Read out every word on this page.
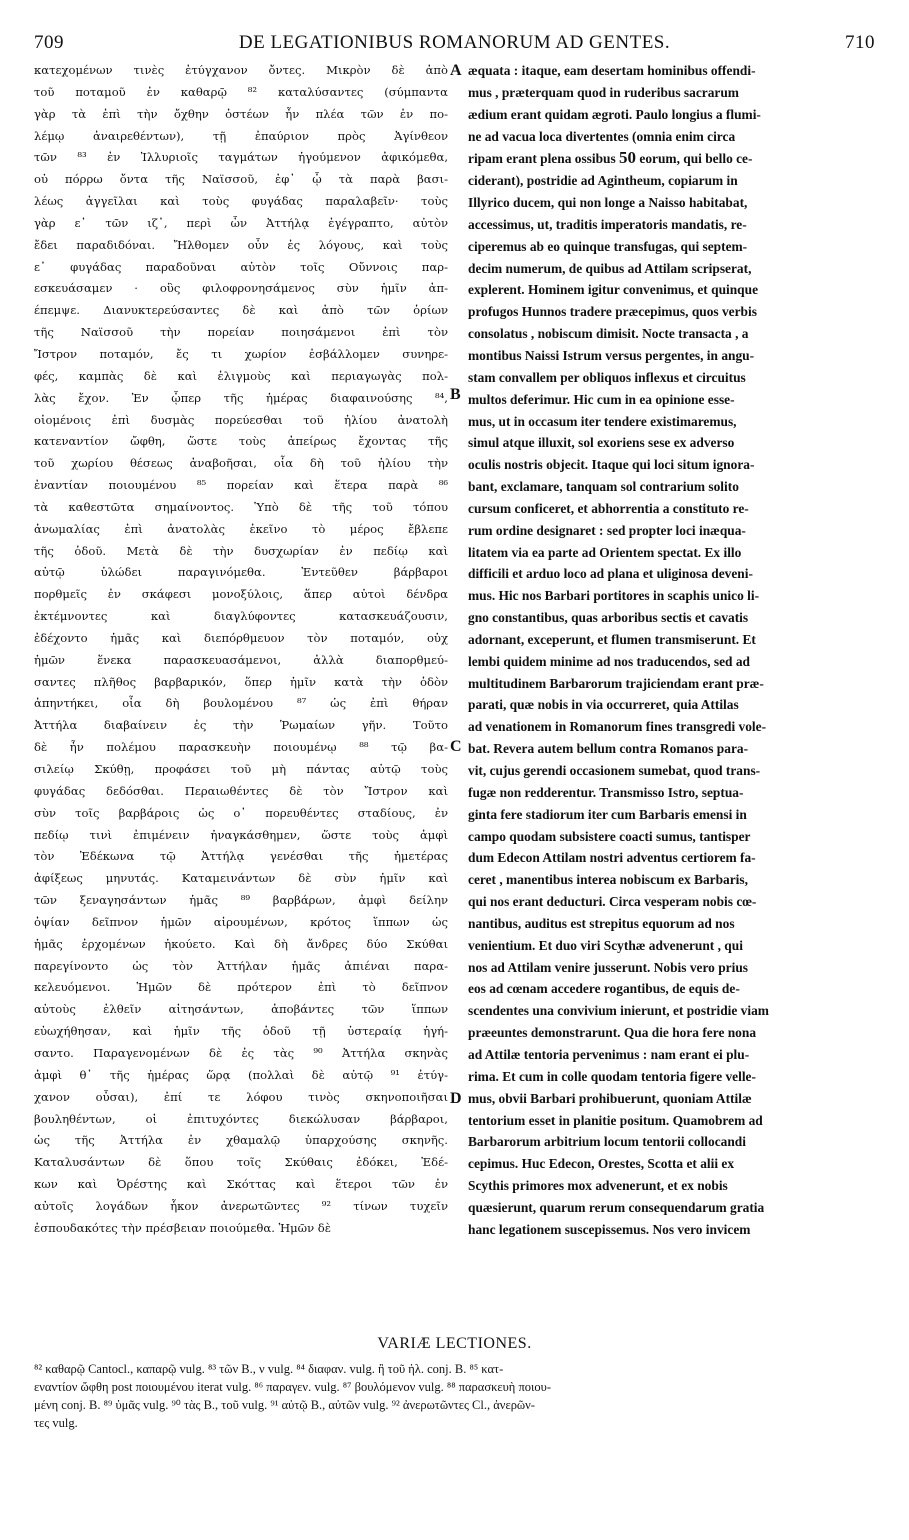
709	DE LEGATIONIBUS ROMANORUM AD GENTES.	710
κατεχομένων τινὲς ἐτύγχανον ὄντες. Μικρὸν δὲ ἀπὸ
τοῦ ποταμοῦ ἐν καθαρῷ ⁸² καταλύσαντες (σύμπαντα
γὰρ τὰ ἐπὶ τὴν ὄχθην ὀστέων ἦν πλέα τῶν ἐν πο-
λέμῳ ἀναιρεθέντων), τῇ ἐπαύριον πρὸς Ἀγίνθεον
τῶν ⁸³ ἐν Ἰλλυριοῖς ταγμάτων ἡγούμενον ἀφικόμεθα,
οὐ πόρρω ὄντα τῆς Ναϊσσοῦ, ἐφ᾽ ᾧ τὰ παρὰ βασι-
λέως ἀγγεῖλαι καὶ τοὺς φυγάδας παραλαβεῖν· τοὺς
γὰρ ε᾽ τῶν ιζ᾽, περὶ ὧν Ἀττήλᾳ ἐγέγραπτο, αὐτὸν
ἔδει παραδιδόναι. Ἤλθομεν οὖν ἐς λόγους, καὶ τοὺς
ε᾽ φυγάδας παραδοῦναι αὐτὸν τοῖς Οὔννοις παρ-
εσκευάσαμεν · οὓς φιλοφρονησάμενος σὺν ἡμῖν ἀπ-
έπεμψε. Διανυκτερεύσαντες δὲ καὶ ἀπὸ τῶν ὁρίων
τῆς Ναϊσσοῦ τὴν πορείαν ποιησάμενοι ἐπὶ τὸν
Ἴστρον ποταμόν, ἔς τι χωρίον ἐσβάλλομεν συνηρε-
φές, καμπὰς δὲ καὶ ἑλιγμοὺς καὶ περιαγωγὰς πολ-
λὰς ἔχον. Ἐν ᾧπερ τῆς ἡμέρας διαφαινούσης ⁸⁴,
οἰομένοις ἐπὶ δυσμὰς πορεύεσθαι τοῦ ἡλίου ἀνατολὴ
κατεναντίον ὤφθη, ὥστε τοὺς ἀπείρως ἔχοντας τῆς
τοῦ χωρίου θέσεως ἀναβοῆσαι, οἷα δὴ τοῦ ἡλίου τὴν
ἐναντίαν ποιουμένου ⁸⁵ πορείαν καὶ ἕτερα παρὰ ⁸⁶
τὰ καθεστῶτα σημαίνοντος. Ὑπὸ δὲ τῆς τοῦ τόπου
ἀνωμαλίας ἐπὶ ἀνατολὰς ἐκεῖνο τὸ μέρος ἔβλεπε
τῆς ὁδοῦ. Μετὰ δὲ τὴν δυσχωρίαν ἐν πεδίῳ καὶ
αὐτῷ ὑλώδει παραγινόμεθα. Ἐντεῦθεν βάρβαροι
πορθμεῖς ἐν σκάφεσι μονοξύλοις, ἅπερ αὐτοὶ δένδρα
ἐκτέμνοντες καὶ διαγλύφοντες κατασκευάζουσιν,
ἐδέχοντο ἡμᾶς καὶ διεπόρθμευον τὸν ποταμόν, οὐχ
ἡμῶν ἕνεκα παρασκευασάμενοι, ἀλλὰ διαπορθμεύ-
σαντες πλῆθος βαρβαρικόν, ὅπερ ἡμῖν κατὰ τὴν ὁδὸν
ἀπηντήκει, οἷα δὴ βουλομένου ⁸⁷ ὡς ἐπὶ θήραν
Ἀττήλα διαβαίνειν ἐς τὴν Ῥωμαίων γῆν. Τοῦτο
δὲ ἦν πολέμου παρασκευὴν ποιουμένῳ ⁸⁸ τῷ βα-
σιλείῳ Σκύθῃ, προφάσει τοῦ μὴ πάντας αὐτῷ τοὺς
φυγάδας δεδόσθαι. Περαιωθέντες δὲ τὸν Ἴστρον καὶ
σὺν τοῖς βαρβάροις ὡς ο᾽ πορευθέντες σταδίους, ἐν
πεδίῳ τινὶ ἐπιμένειν ἠναγκάσθημεν, ὥστε τοὺς ἀμφὶ
τὸν Ἐδέκωνα τῷ Ἀττήλᾳ γενέσθαι τῆς ἡμετέρας
ἀφίξεως μηνυτάς. Καταμεινάντων δὲ σὺν ἡμῖν καὶ
τῶν ξεναγησάντων ἡμᾶς ⁸⁹ βαρβάρων, ἀμφὶ δείλην
ὀψίαν δεῖπνον ἡμῶν αἱρουμένων, κρότος ἵππων ὡς
ἡμᾶς ἐρχομένων ἠκούετο. Καὶ δὴ ἄνδρες δύο Σκύθαι
παρεγίνοντο ὡς τὸν Ἀττήλαν ἡμᾶς ἀπιέναι παρα-
κελευόμενοι. Ἡμῶν δὲ πρότερον ἐπὶ τὸ δεῖπνον
αὐτοὺς ἐλθεῖν αἰτησάντων, ἀποβάντες τῶν ἵππων
εὐωχήθησαν, καὶ ἡμῖν τῆς ὁδοῦ τῇ ὑστεραίᾳ ἡγή-
σαντο. Παραγενομένων δὲ ἐς τὰς ⁹⁰ Ἀττήλα σκηνὰς
ἀμφὶ θ᾽ τῆς ἡμέρας ὥρᾳ (πολλαὶ δὲ αὐτῷ ⁹¹ ἐτύγ-
χανον οὖσαι), ἐπί τε λόφου τινὸς σκηνοποιῆσαι
βουληθέντων, οἱ ἐπιτυχόντες διεκώλυσαν βάρβαροι,
ὡς τῆς Ἀττήλα ἐν χθαμαλῷ ὑπαρχούσης σκηνῆς.
Καταλυσάντων δὲ ὅπου τοῖς Σκύθαις ἐδόκει, Ἐδέ-
κων καὶ Ὀρέστης καὶ Σκόττας καὶ ἕτεροι τῶν ἐν
αὐτοῖς λογάδων ἧκον ἀνερωτῶντες ⁹² τίνων τυχεῖν
ἐσπουδακότες τὴν πρέσβειαν ποιούμεθα. Ἡμῶν δὲ
æquata : itaque, eam desertam hominibus offendi-
mus , præterquam quod in ruderibus sacrarum
ædium erant quidam ægroti. Paulo longius a flumi-
ne ad vacua loca divertentes (omnia enim circa
ripam erant plena ossibus 50 eorum, qui bello ce-
ciderant), postridie ad Agintheum, copiarum in
Illyrico ducem, qui non longe a Naisso habitabat,
accessimus, ut, traditis imperatoris mandatis, re-
ciperemus ab eo quinque transfugas, qui septem-
decim numerum, de quibus ad Attilam scripserat,
explerent. Hominem igitur convenimus, et quinque
profugos Hunnos tradere præcepimus, quos verbis
consolatus , nobiscum dimisit. Nocte transacta , a
montibus Naissi Istrum versus pergentes, in angu-
stam convallem per obliquos inflexus et circuitus
multos deferimur. Hic cum in ea opinione esse-
mus, ut in occasum iter tendere existimaremus,
simul atque illuxit, sol exoriens sese ex adverso
oculis nostris objecit. Itaque qui loci situm ignora-
bant, exclamare, tanquam sol contrarium solito
cursum conficeret, et abhorrentia a constituto re-
rum ordine designaret : sed propter loci inæqua-
litatem via ea parte ad Orientem spectat. Ex illo
difficili et arduo loco ad plana et uliginosa deveni-
mus. Hic nos Barbari portitores in scaphis unico li-
gno constantibus, quas arboribus sectis et cavatis
adornant, exceperunt, et flumen transmiserunt. Et
lembi quidem minime ad nos traducendos, sed ad
multitudinem Barbarorum trajiciendam erant præ-
parati, quæ nobis in via occurreret, quia Attilas
ad venationem in Romanorum fines transgredi vole-
bat. Revera autem bellum contra Romanos para-
vit, cujus gerendi occasionem sumebat, quod trans-
fugæ non redderentur. Transmisso Istro, septua-
ginta fere stadiorum iter cum Barbaris emensi in
campo quodam subsistere coacti sumus, tantisper
dum Edecon Attilam nostri adventus certiorem fa-
ceret , manentibus interea nobiscum ex Barbaris,
qui nos erant deducturi. Circa vesperam nobis cœ-
nantibus, auditus est strepitus equorum ad nos
venientium. Et duo viri Scythæ advenerunt , qui
nos ad Attilam venire jusserunt. Nobis vero prius
eos ad cœnam accedere rogantibus, de equis de-
scendentes una convivium inierunt, et postridie viam
præeuntes demonstrarunt. Qua die hora fere nona
ad Attilæ tentoria pervenimus : nam erant ei plu-
rima. Et cum in colle quodam tentoria figere velle-
mus, obvii Barbari prohibuerunt, quoniam Attilæ
tentorium esset in planitie positum. Quamobrem ad
Barbarorum arbitrium locum tentorii collocandi
cepimus. Huc Edecon, Orestes, Scotta et alii ex
Scythis primores mox advenerunt, et ex nobis
quæsierunt, quarum rerum consequendarum gratia
hanc legationem suscepissemus. Nos vero invicem
A
B
C
D
VARIÆ LECTIONES.
⁸² καθαρῷ Cantocl., καπαρῷ vulg. ⁸³ τῶν B., ν vulg. ⁸⁴ διαφαν. vulg. ἢ τοῦ ἡλ. conj. B. ⁸⁵ κατ-
εναντίον ὤφθη post ποιουμένου iterat vulg. ⁸⁶ παραγεν. vulg. ⁸⁷ βουλόμενον vulg. ⁸⁸ παρασκευὴ ποιου-
μένη conj. B. ⁸⁹ ὑμᾶς vulg. ⁹⁰ τὰς B., τοῦ vulg. ⁹¹ αὐτῷ B., αὐτῶν vulg. ⁹² ἀνερωτῶντες Cl., ἀνερῶν-
τες vulg.
